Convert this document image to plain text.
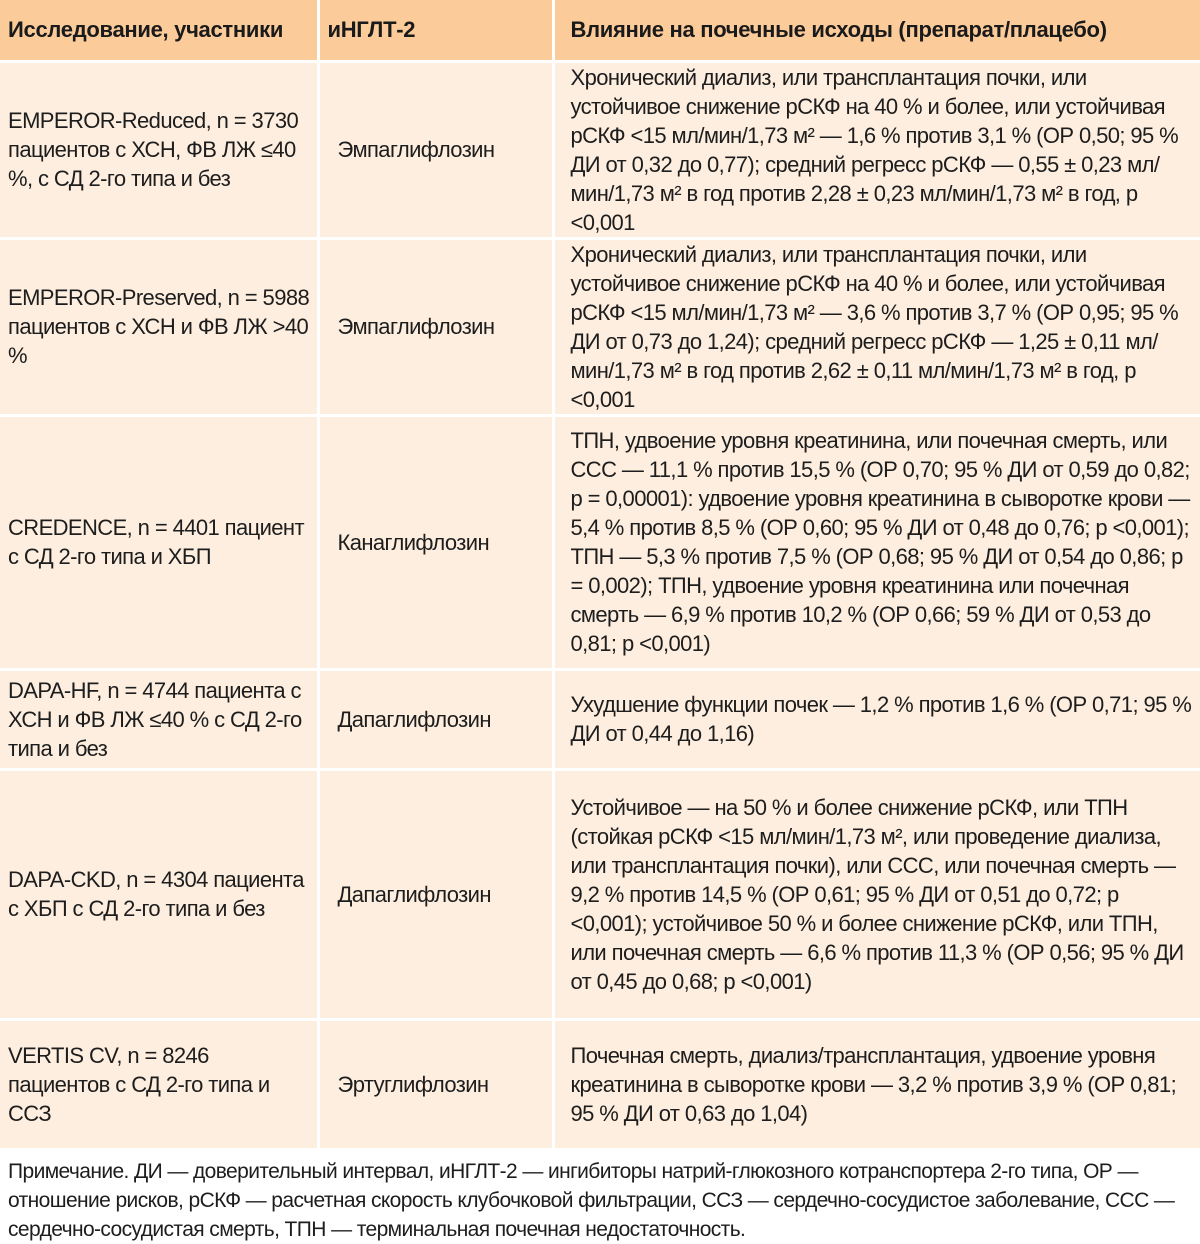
Исследование, участники	иНГЛТ-2	Влияние на почечные исходы (препарат/плацебо)
EMPEROR-Reduced, n = 3730 пациентов с ХСН, ФВ ЛЖ ≤40 %, с СД 2-го типа и без	Эмпаглифлозин	Хронический диализ, или трансплантация почки, или устойчивое снижение рСКФ на 40 % и более, или устойчивая рСКФ <15 мл/мин/1,73 м² — 1,6 % против 3,1 % (ОР 0,50; 95 % ДИ от 0,32 до 0,77); средний регресс рСКФ — 0,55 ± 0,23 мл/мин/1,73 м² в год против 2,28 ± 0,23 мл/мин/1,73 м² в год, p <0,001
EMPEROR-Preserved, n = 5988 пациентов с ХСН и ФВ ЛЖ >40 %	Эмпаглифлозин	Хронический диализ, или трансплантация почки, или устойчивое снижение рСКФ на 40 % и более, или устойчивая рСКФ <15 мл/мин/1,73 м² — 3,6 % против 3,7 % (ОР 0,95; 95 % ДИ от 0,73 до 1,24); средний регресс рСКФ — 1,25 ± 0,11 мл/мин/1,73 м² в год против 2,62 ± 0,11 мл/мин/1,73 м² в год, p <0,001
CREDENCE, n = 4401 пациент с СД 2-го типа и ХБП	Канаглифлозин	ТПН, удвоение уровня креатинина, или почечная смерть, или ССС — 11,1 % против 15,5 % (ОР 0,70; 95 % ДИ от 0,59 до 0,82; p = 0,00001): удвоение уровня креатинина в сыворотке крови — 5,4 % против 8,5 % (ОР 0,60; 95 % ДИ от 0,48 до 0,76; p <0,001); ТПН — 5,3 % против 7,5 % (ОР 0,68; 95 % ДИ от 0,54 до 0,86; p = 0,002); ТПН, удвоение уровня креатинина или почечная смерть — 6,9 % против 10,2 % (ОР 0,66; 59 % ДИ от 0,53 до 0,81; p <0,001)
DAPA-HF, n = 4744 пациента с ХСН и ФВ ЛЖ ≤40 % с СД 2-го типа и без	Дапаглифлозин	Ухудшение функции почек — 1,2 % против 1,6 % (ОР 0,71; 95 % ДИ от 0,44 до 1,16)
DAPA-CKD, n = 4304 пациента с ХБП с СД 2-го типа и без	Дапаглифлозин	Устойчивое — на 50 % и более снижение рСКФ, или ТПН (стойкая рСКФ <15 мл/мин/1,73 м², или проведение диализа, или трансплантация почки), или ССС, или почечная смерть — 9,2 % против 14,5 % (ОР 0,61; 95 % ДИ от 0,51 до 0,72; p <0,001); устойчивое 50 % и более снижение рСКФ, или ТПН, или почечная смерть — 6,6 % против 11,3 % (ОР 0,56; 95 % ДИ от 0,45 до 0,68; p <0,001)
VERTIS CV, n = 8246 пациентов с СД 2-го типа и ССЗ	Эртуглифлозин	Почечная смерть, диализ/трансплантация, удвоение уровня креатинина в сыворотке крови — 3,2 % против 3,9 % (ОР 0,81; 95 % ДИ от 0,63 до 1,04)
Примечание. ДИ — доверительный интервал, иНГЛТ-2 — ингибиторы натрий-глюкозного котранспортера 2-го типа, ОР — отношение рисков, рСКФ — расчетная скорость клубочковой фильтрации, ССЗ — сердечно-сосудистое заболевание, ССС — сердечно-сосудистая смерть, ТПН — терминальная почечная недостаточность.
